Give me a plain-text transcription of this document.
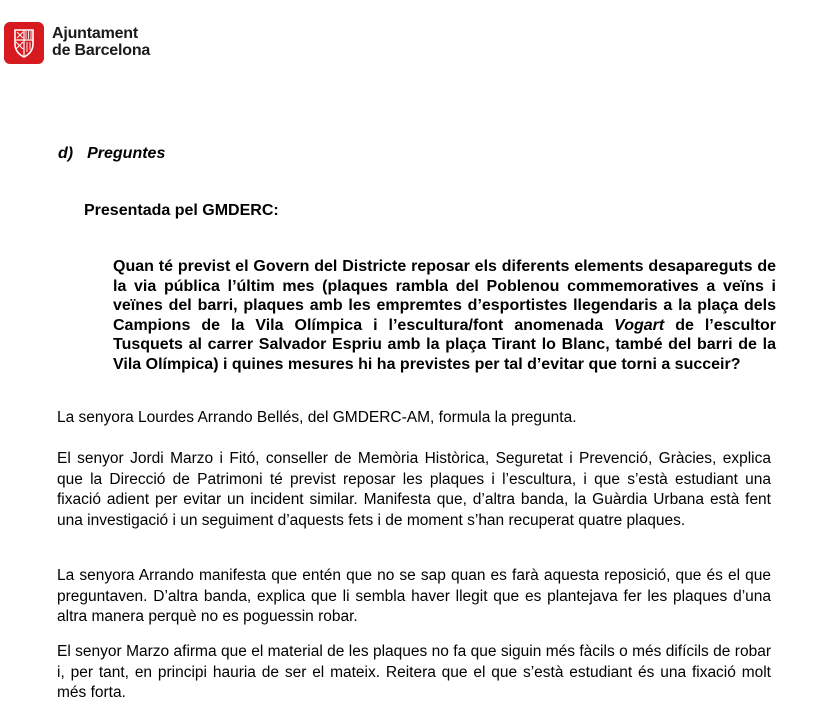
Ajuntament
de Barcelona
d) Preguntes
Presentada pel GMDERC:
Quan té previst el Govern del Districte reposar els diferents elements desapareguts de la via pública l’últim mes (plaques rambla del Poblenou commemoratives a veïns i veïnes del barri, plaques amb les empremtes d’esportistes llegendaris a la plaça dels Campions de la Vila Olímpica i l’escultura/font anomenada Vogart de l’escultor Tusquets al carrer Salvador Espriu amb la plaça Tirant lo Blanc, també del barri de la Vila Olímpica) i quines mesures hi ha previstes per tal d’evitar que torni a succeir?
La senyora Lourdes Arrando Bellés, del GMDERC-AM, formula la pregunta.
El senyor Jordi Marzo i Fitó, conseller de Memòria Històrica, Seguretat i Prevenció, Gràcies, explica que la Direcció de Patrimoni té previst reposar les plaques i l’escultura, i que s’està estudiant una fixació adient per evitar un incident similar. Manifesta que, d’altra banda, la Guàrdia Urbana està fent una investigació i un seguiment d’aquests fets i de moment s’han recuperat quatre plaques.
La senyora Arrando manifesta que entén que no se sap quan es farà aquesta reposició, que és el que preguntaven. D’altra banda, explica que li sembla haver llegit que es plantejava fer les plaques d’una altra manera perquè no es poguessin robar.
El senyor Marzo afirma que el material de les plaques no fa que siguin més fàcils o més difícils de robar i, per tant, en principi hauria de ser el mateix. Reitera que el que s’està estudiant és una fixació molt més forta.
